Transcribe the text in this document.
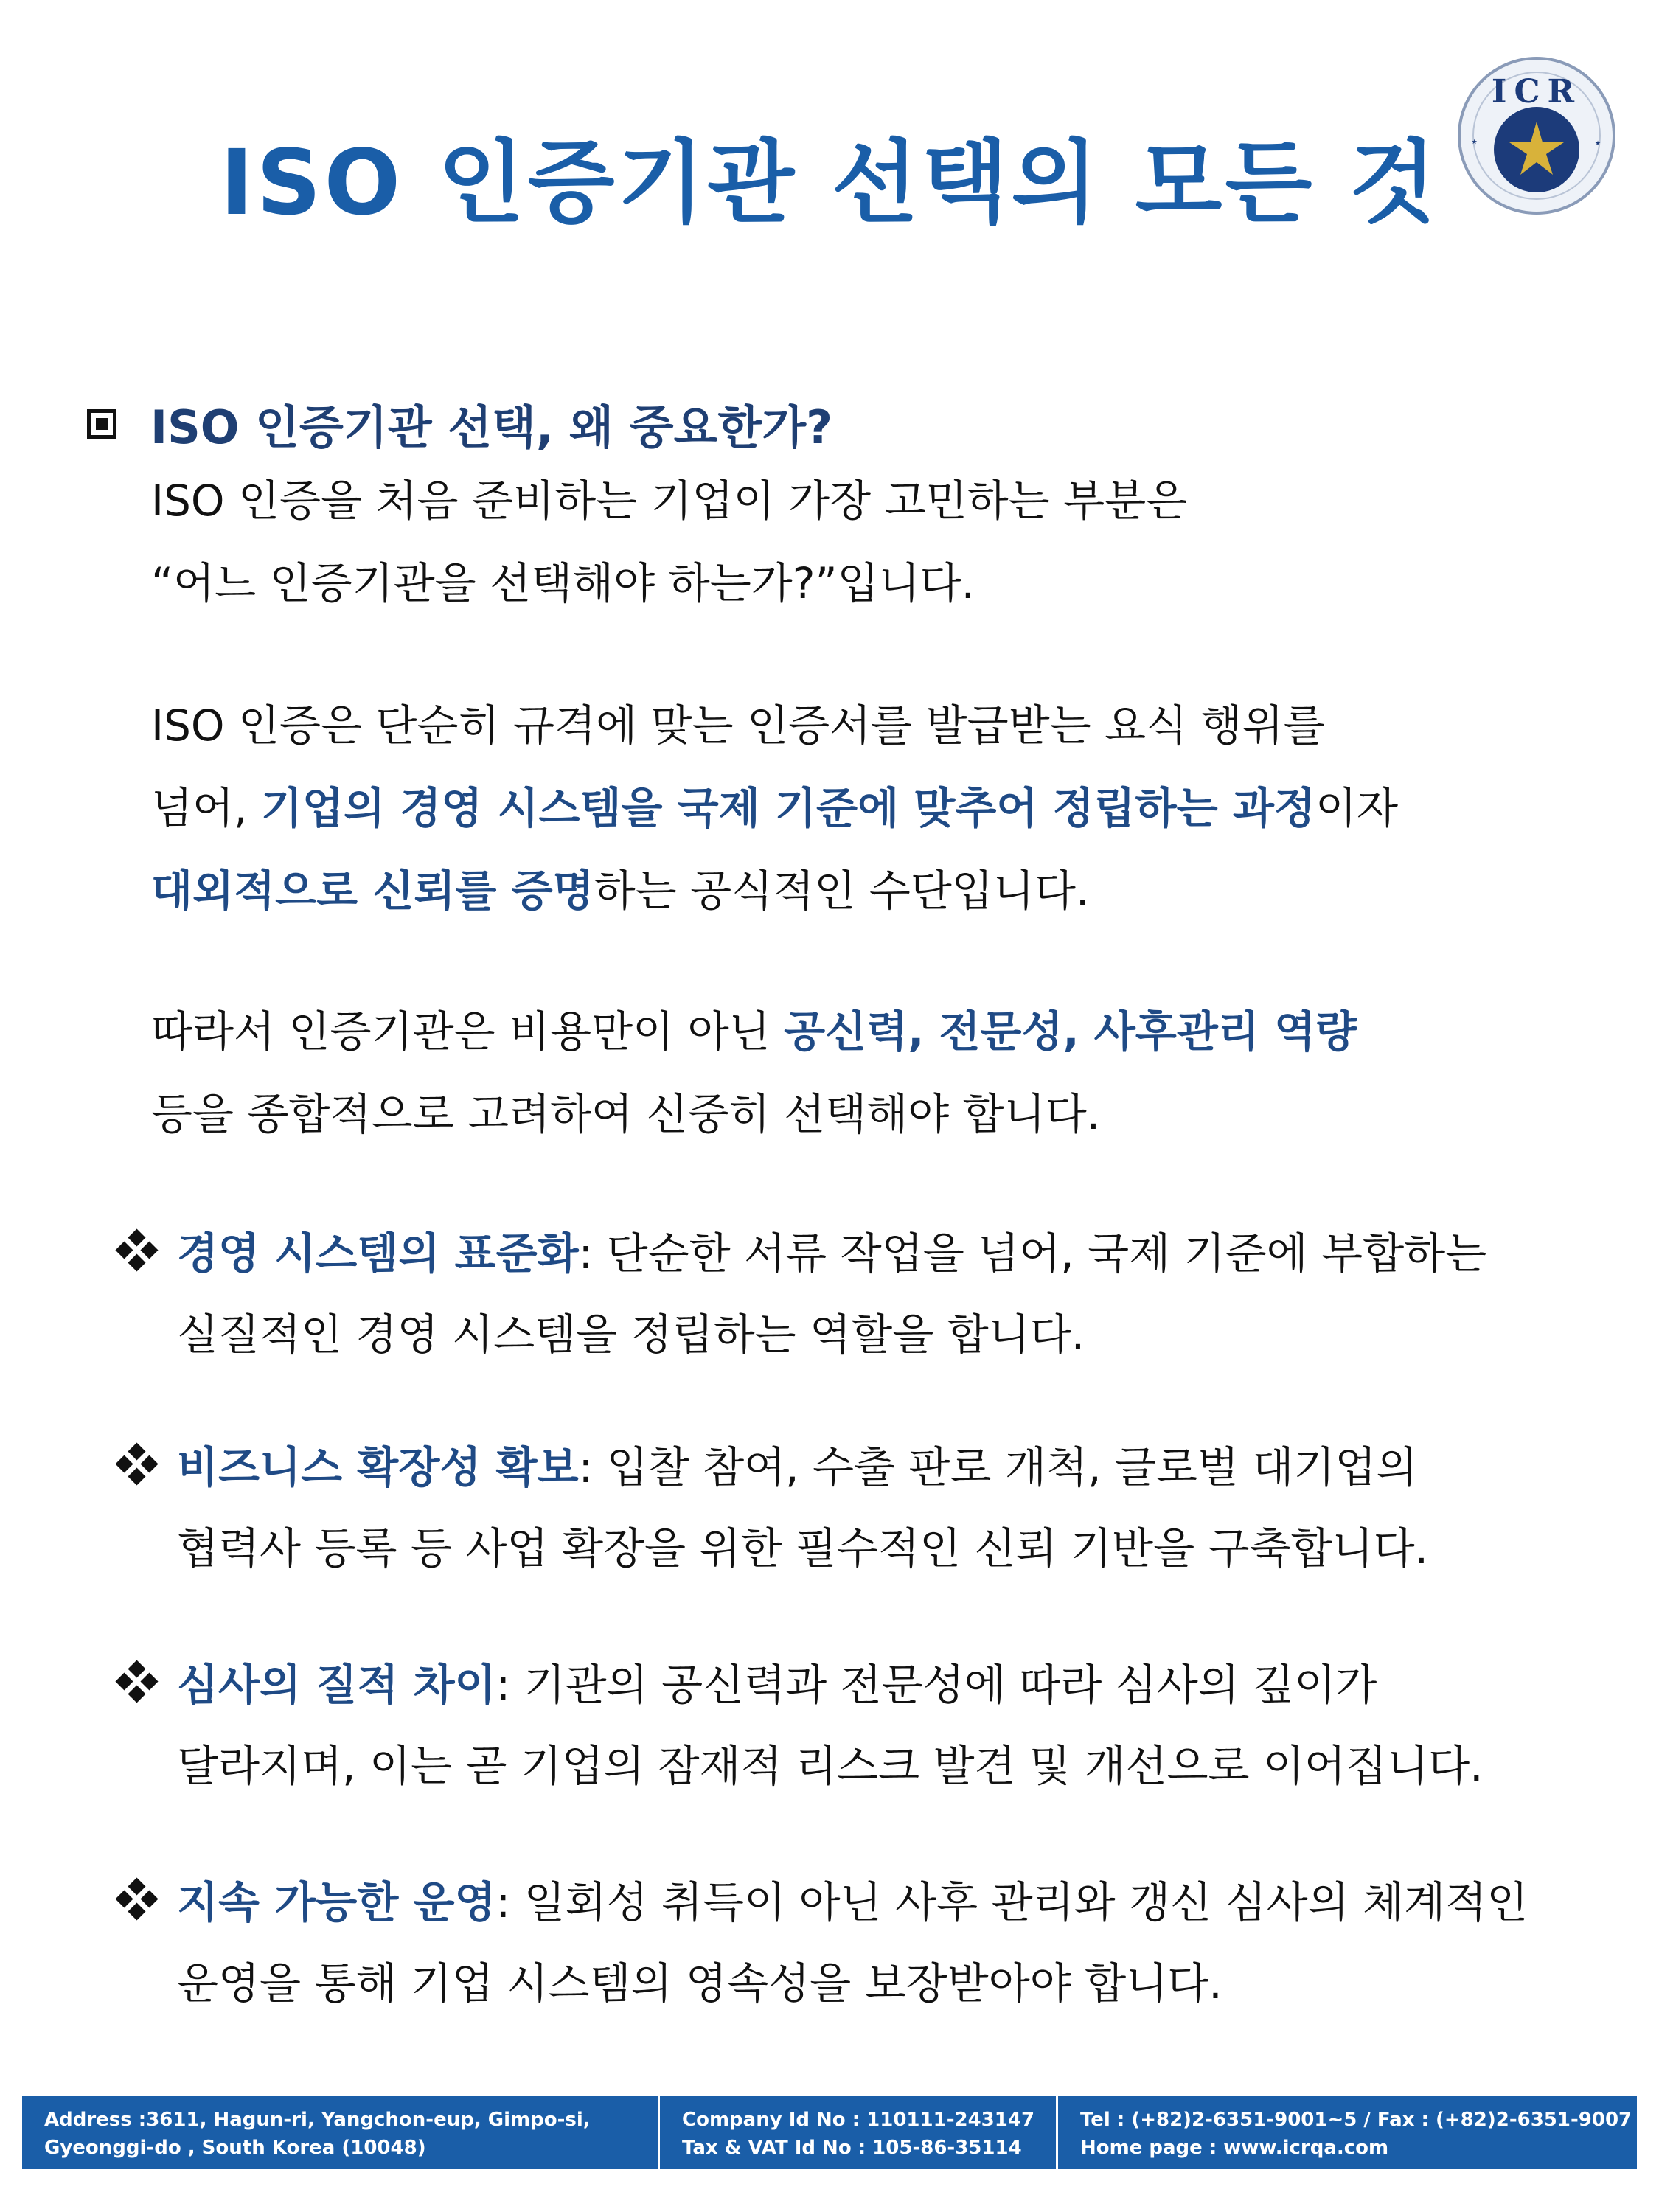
ISO 인증기관 선택의 모든 것
ICR
★	★
ISO 인증기관 선택, 왜 중요한가?
ISO 인증을 처음 준비하는 기업이 가장 고민하는 부분은
“어느 인증기관을 선택해야 하는가?”입니다.
ISO 인증은 단순히 규격에 맞는 인증서를 발급받는 요식 행위를
넘어, 기업의 경영 시스템을 국제 기준에 맞추어 정립하는 과정이자
대외적으로 신뢰를 증명하는 공식적인 수단입니다.
따라서 인증기관은 비용만이 아닌 공신력, 전문성, 사후관리 역량
등을 종합적으로 고려하여 신중히 선택해야 합니다.
경영 시스템의 표준화: 단순한 서류 작업을 넘어, 국제 기준에 부합하는
실질적인 경영 시스템을 정립하는 역할을 합니다.
비즈니스 확장성 확보: 입찰 참여, 수출 판로 개척, 글로벌 대기업의
협력사 등록 등 사업 확장을 위한 필수적인 신뢰 기반을 구축합니다.
심사의 질적 차이: 기관의 공신력과 전문성에 따라 심사의 깊이가
달라지며, 이는 곧 기업의 잠재적 리스크 발견 및 개선으로 이어집니다.
지속 가능한 운영: 일회성 취득이 아닌 사후 관리와 갱신 심사의 체계적인
운영을 통해 기업 시스템의 영속성을 보장받아야 합니다.
Address :3611, Hagun-ri, Yangchon-eup, Gimpo-si,
Gyeonggi-do , South Korea (10048)
Company Id No : 110111-243147
Tax & VAT Id No : 105-86-35114
Tel : (+82)2-6351-9001~5 / Fax : (+82)2-6351-9007
Home page : www.icrqa.com
